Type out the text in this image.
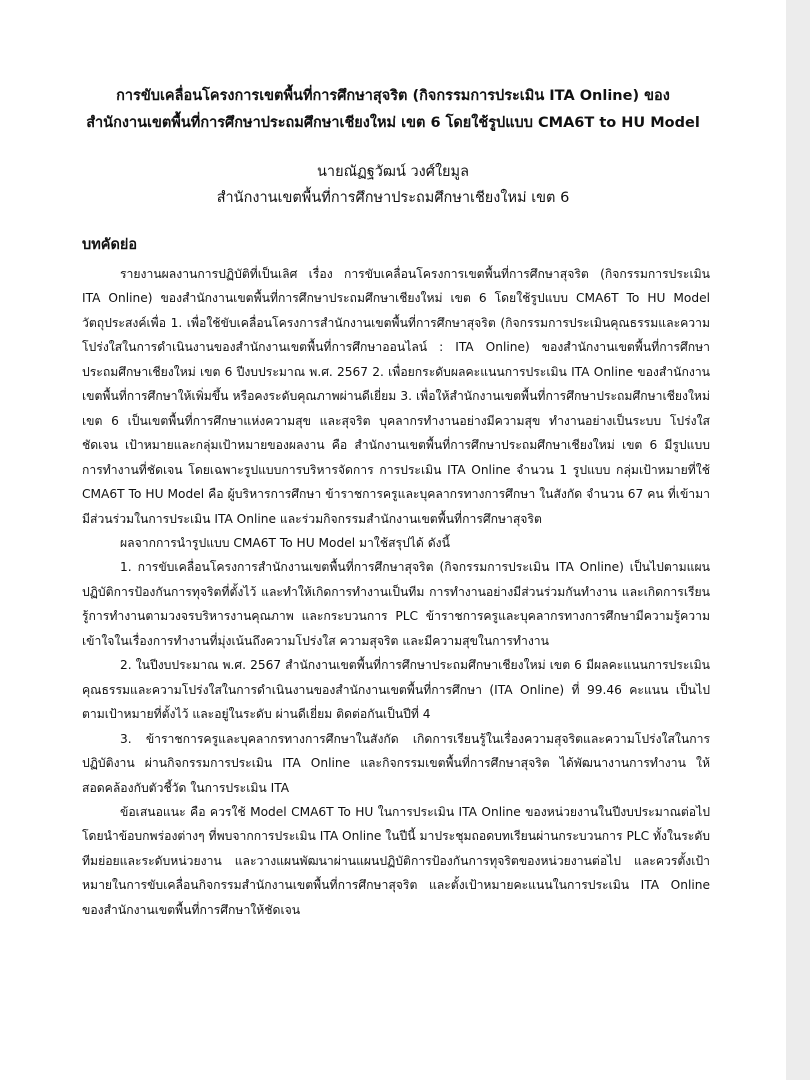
การขับเคลื่อนโครงการเขตพื้นที่การศึกษาสุจริต (กิจกรรมการประเมิน ITA Online) ของ
สำนักงานเขตพื้นที่การศึกษาประถมศึกษาเชียงใหม่ เขต 6 โดยใช้รูปแบบ CMA6T to HU Model
นายณัฏฐวัฒน์ วงศ์ใยมูล
สำนักงานเขตพื้นที่การศึกษาประถมศึกษาเชียงใหม่ เขต 6
บทคัดย่อ

รายงานผลงานการปฏิบัติที่เป็นเลิศ เรื่อง การขับเคลื่อนโครงการเขตพื้นที่การศึกษาสุจริต (กิจกรรมการประเมิน ITA Online) ของสำนักงานเขตพื้นที่การศึกษาประถมศึกษาเชียงใหม่ เขต 6 โดยใช้รูปแบบ CMA6T To HU Model วัตถุประสงค์เพื่อ 1. เพื่อใช้ขับเคลื่อนโครงการสำนักงานเขตพื้นที่การศึกษาสุจริต (กิจกรรมการประเมินคุณธรรมและความโปร่งใสในการดำเนินงานของสำนักงานเขตพื้นที่การศึกษาออนไลน์ : ITA Online) ของสำนักงานเขตพื้นที่การศึกษาประถมศึกษาเชียงใหม่ เขต 6 ปีงบประมาณ พ.ศ. 2567 2. เพื่อยกระดับผลคะแนนการประเมิน ITA Online ของสำนักงานเขตพื้นที่การศึกษาให้เพิ่มขึ้น หรือคงระดับคุณภาพผ่านดีเยี่ยม 3. เพื่อให้สำนักงานเขตพื้นที่การศึกษาประถมศึกษาเชียงใหม่ เขต 6 เป็นเขตพื้นที่การศึกษาแห่งความสุข และสุจริต บุคลากรทำงานอย่างมีความสุข ทำงานอย่างเป็นระบบ โปร่งใส ชัดเจน เป้าหมายและกลุ่มเป้าหมายของผลงาน คือ สำนักงานเขตพื้นที่การศึกษาประถมศึกษาเชียงใหม่ เขต 6 มีรูปแบบการทำงานที่ชัดเจน โดยเฉพาะรูปแบบการบริหารจัดการ การประเมิน ITA Online จำนวน 1 รูปแบบ กลุ่มเป้าหมายที่ใช้ CMA6T To HU Model คือ ผู้บริหารการศึกษา ข้าราชการครูและบุคลากรทางการศึกษา ในสังกัด จำนวน 67 คน ที่เข้ามามีส่วนร่วมในการประเมิน ITA Online และร่วมกิจกรรมสำนักงานเขตพื้นที่การศึกษาสุจริต

ผลจากการนำรูปแบบ CMA6T To HU Model มาใช้สรุปได้ ดังนี้

1. การขับเคลื่อนโครงการสำนักงานเขตพื้นที่การศึกษาสุจริต (กิจกรรมการประเมิน ITA Online) เป็นไปตามแผนปฏิบัติการป้องกันการทุจริตที่ตั้งไว้ และทำให้เกิดการทำงานเป็นทีม การทำงานอย่างมีส่วนร่วมกันทำงาน และเกิดการเรียนรู้การทำงานตามวงจรบริหารงานคุณภาพ และกระบวนการ PLC ข้าราชการครูและบุคลากรทางการศึกษามีความรู้ความเข้าใจในเรื่องการทำงานที่มุ่งเน้นถึงความโปร่งใส ความสุจริต และมีความสุขในการทำงาน

2. ในปีงบประมาณ พ.ศ. 2567 สำนักงานเขตพื้นที่การศึกษาประถมศึกษาเชียงใหม่ เขต 6 มีผลคะแนนการประเมินคุณธรรมและความโปร่งใสในการดำเนินงานของสำนักงานเขตพื้นที่การศึกษา (ITA Online) ที่ 99.46 คะแนน เป็นไปตามเป้าหมายที่ตั้งไว้ และอยู่ในระดับ ผ่านดีเยี่ยม ติดต่อกันเป็นปีที่ 4

3. ข้าราชการครูและบุคลากรทางการศึกษาในสังกัด เกิดการเรียนรู้ในเรื่องความสุจริตและความโปร่งใสในการปฏิบัติงาน ผ่านกิจกรรมการประเมิน ITA Online และกิจกรรมเขตพื้นที่การศึกษาสุจริต ได้พัฒนางานการทำงาน ให้สอดคล้องกับตัวชี้วัด ในการประเมิน ITA

ข้อเสนอแนะ คือ ควรใช้ Model CMA6T To HU ในการประเมิน ITA Online ของหน่วยงานในปีงบประมาณต่อไป โดยนำข้อบกพร่องต่างๆ ที่พบจากการประเมิน ITA Online ในปีนี้ มาประชุมถอดบทเรียนผ่านกระบวนการ PLC ทั้งในระดับทีมย่อยและระดับหน่วยงาน และวางแผนพัฒนาผ่านแผนปฏิบัติการป้องกันการทุจริตของหน่วยงานต่อไป และควรตั้งเป้าหมายในการขับเคลื่อนกิจกรรมสำนักงานเขตพื้นที่การศึกษาสุจริต และตั้งเป้าหมายคะแนนในการประเมิน ITA Online ของสำนักงานเขตพื้นที่การศึกษาให้ชัดเจน
